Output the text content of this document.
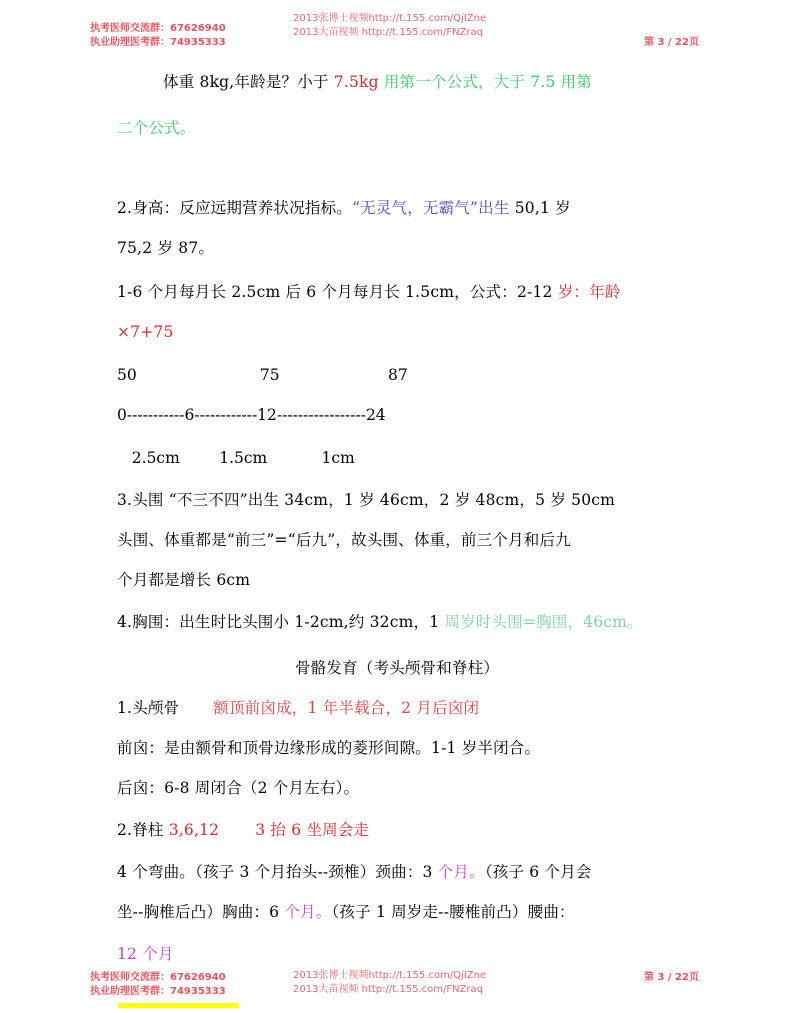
执考医师交流群：67626940
执业助理医考群：74935333
2013张博士视频http://t.155.com/QjIZne
2013大苗视频 http://t.155.com/FNZraq
第 3 / 22页
体重 8kg,年龄是？小于 7.5kg 用第一个公式，大于 7.5 用第
二个公式。
2.身高：反应远期营养状况指标。“无灵气，无霸气”出生 50,1 岁
75,2 岁 87。
1-6 个月每月长 2.5cm 后 6 个月每月长 1.5cm，公式：2-12 岁：年龄
×7+75
50                         75                      87
0-----------6------------12-----------------24
2.5cm        1.5cm           1cm
3.头围 “不三不四”出生 34cm，1 岁 46cm，2 岁 48cm，5 岁 50cm
头围、体重都是“前三”=“后九”，故头围、体重，前三个月和后九
个月都是增长 6cm
4.胸围：出生时比头围小 1-2cm,约 32cm，1 周岁时头围=胸围，46cm。
骨骼发育（考头颅骨和脊柱）
1.头颅骨 额顶前囟成，1 年半载合，2 月后囟闭
前囟：是由额骨和顶骨边缘形成的菱形间隙。1-1 岁半闭合。
后囟：6-8 周闭合（2 个月左右）。
2.脊柱 3,6,12 3 抬 6 坐周会走
4 个弯曲。（孩子 3 个月抬头--颈椎）颈曲：3 个月。（孩子 6 个月会
坐--胸椎后凸）胸曲：6 个月。（孩子 1 周岁走--腰椎前凸）腰曲：
12 个月
执考医师交流群：67626940
执业助理医考群：74935333
2013张博士视频http://t.155.com/QjIZne
2013大苗视频 http://t.155.com/FNZraq
第 3 / 22页
